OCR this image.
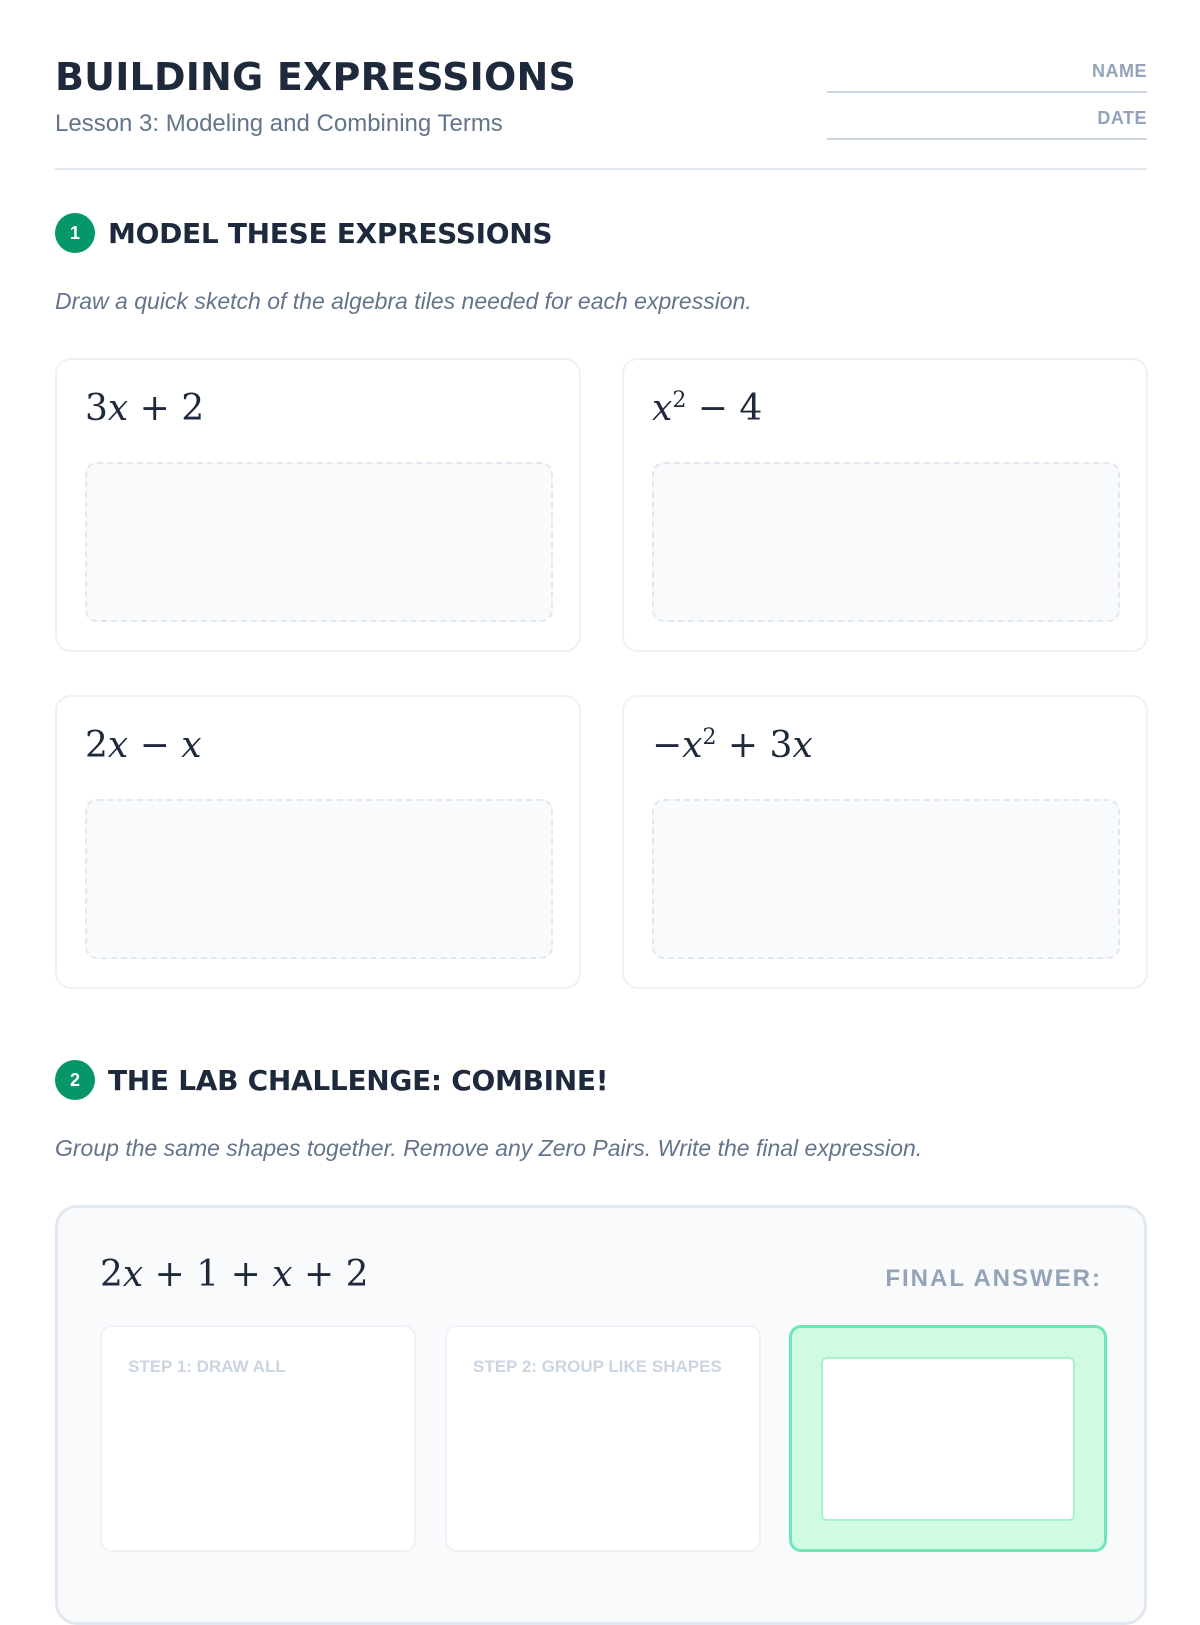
BUILDING EXPRESSIONS
Lesson 3: Modeling and Combining Terms
NAME
DATE
1	MODEL THESE EXPRESSIONS
Draw a quick sketch of the algebra tiles needed for each expression.
3x + 2	$x^2 - 4$
2x − x	$-x^2 + 3x$
2	THE LAB CHALLENGE: COMBINE!
Group the same shapes together. Remove any Zero Pairs. Write the final expression.
2x + 1 + x + 2	FINAL ANSWER:
STEP 1: DRAW ALL	STEP 2: GROUP LIKE SHAPES
